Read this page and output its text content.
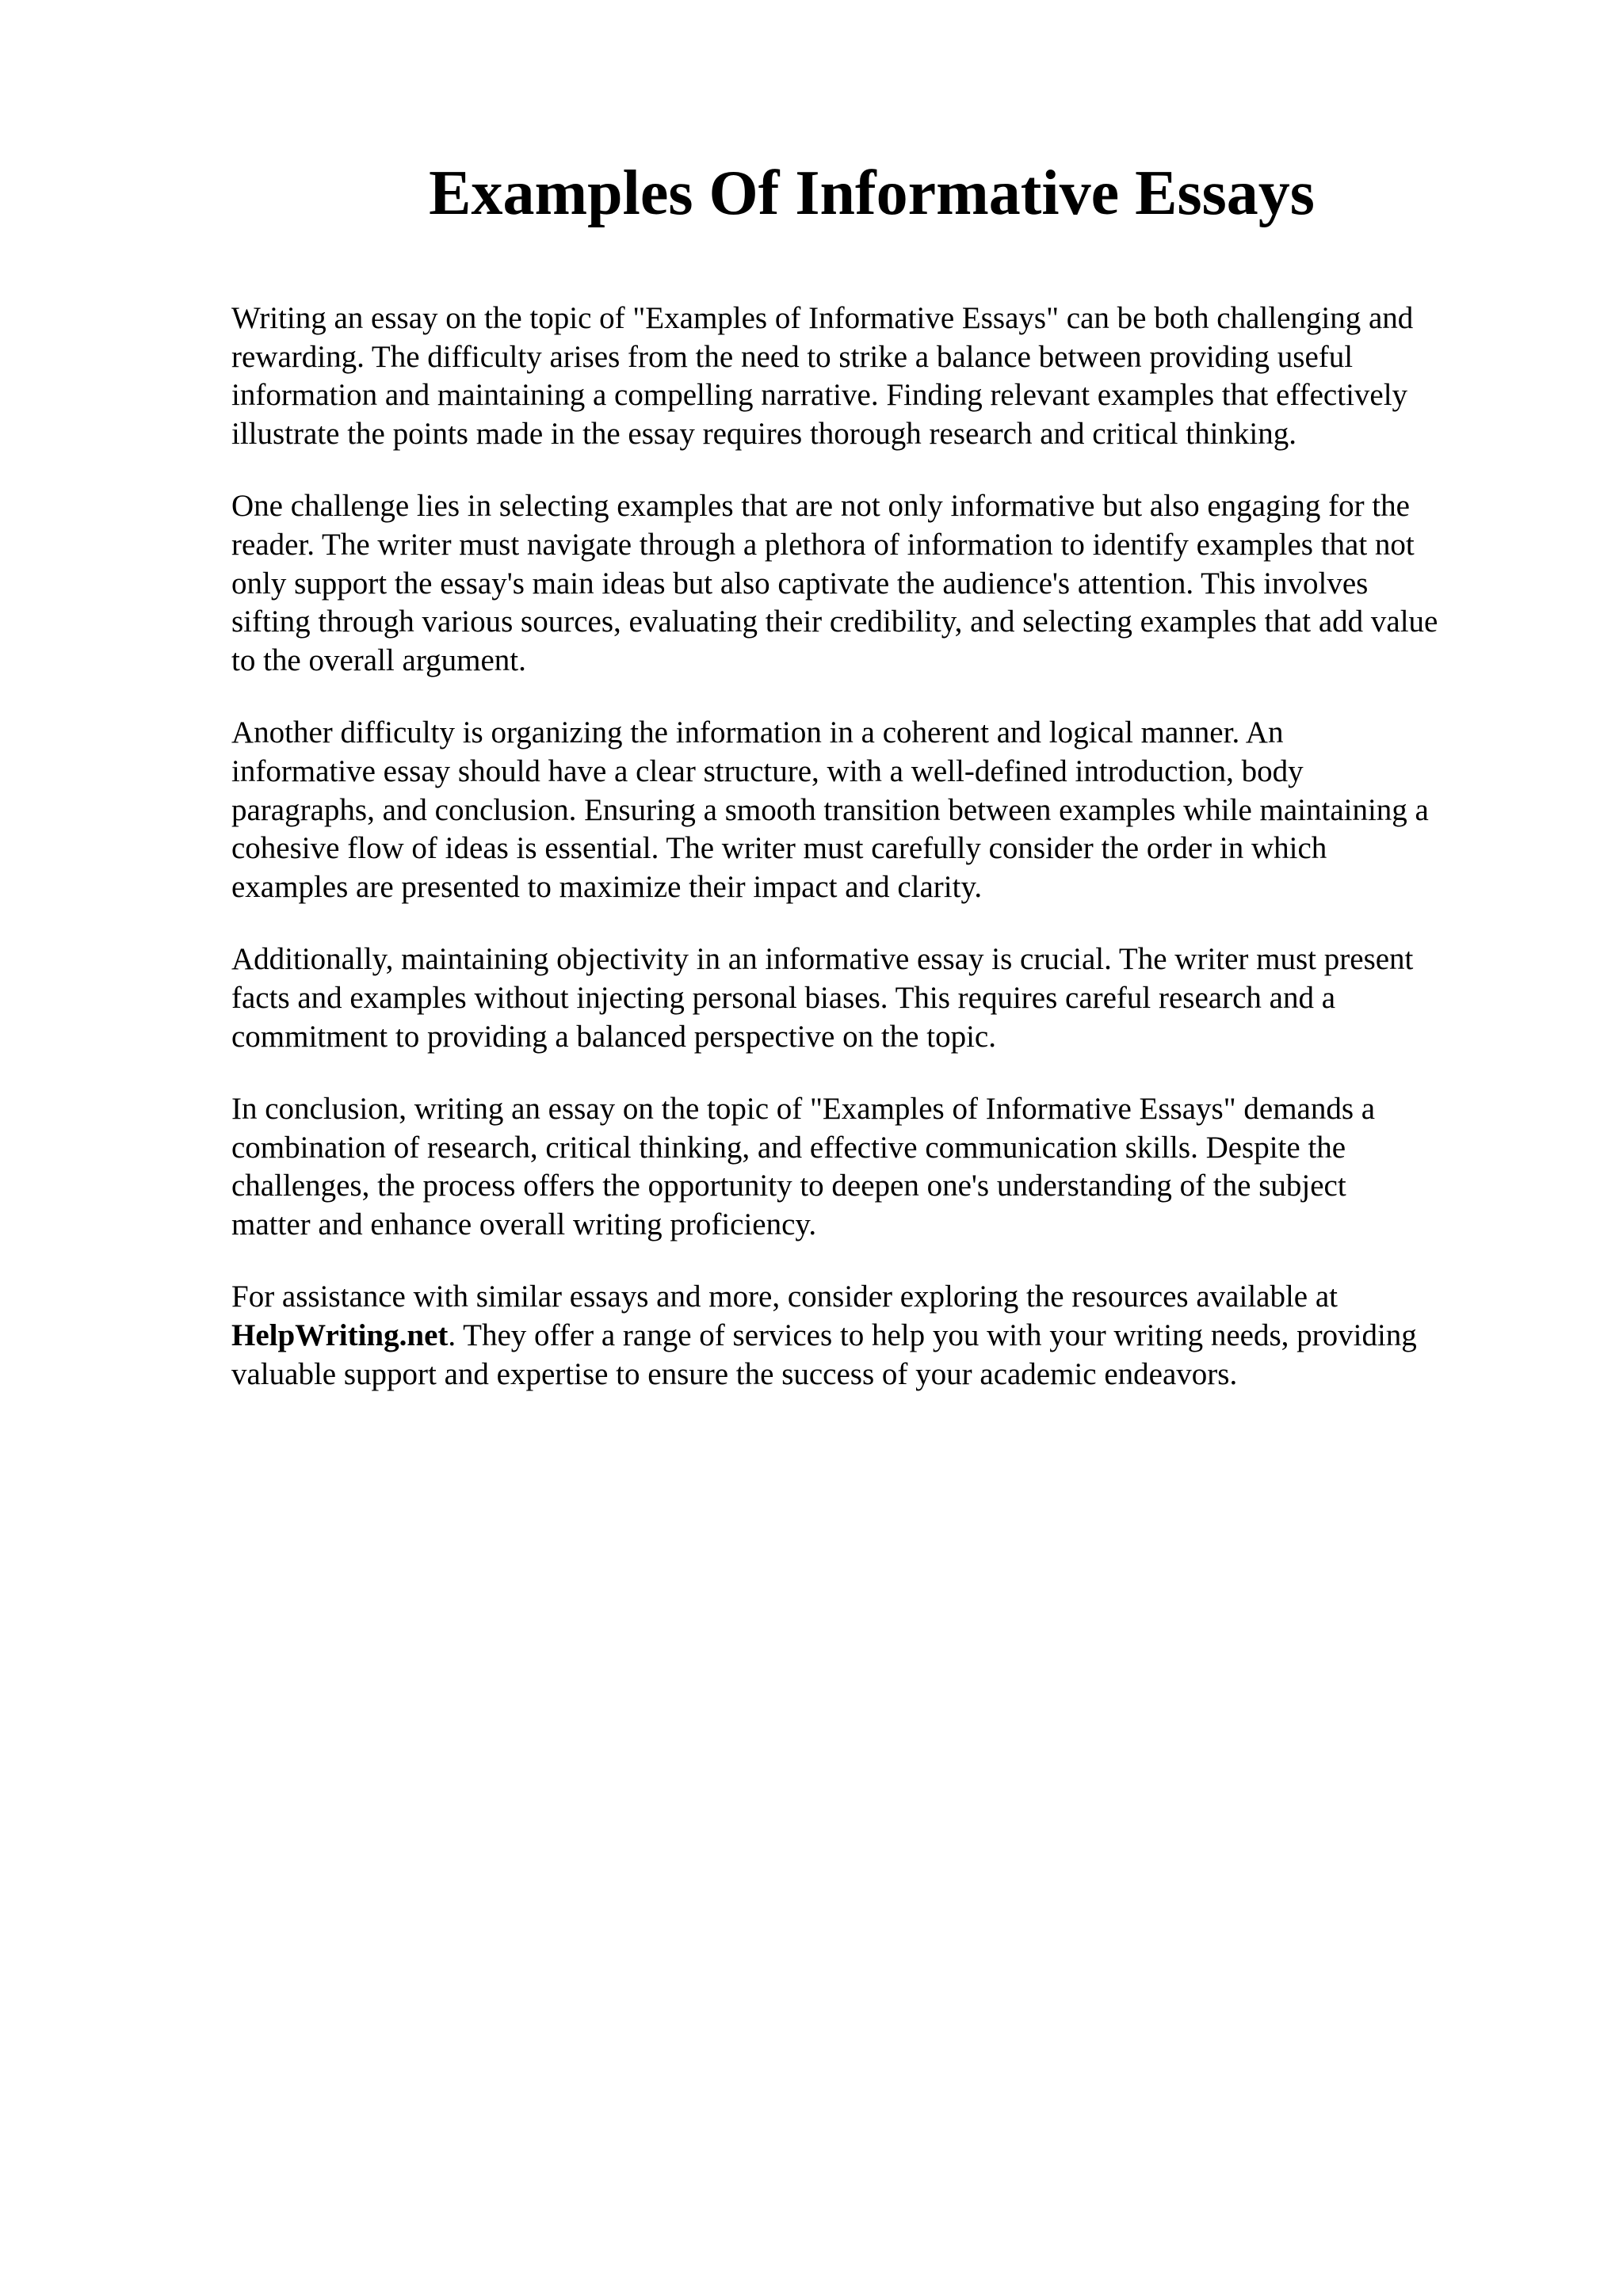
Examples Of Informative Essays

Writing an essay on the topic of "Examples of Informative Essays" can be both challenging and
rewarding. The difficulty arises from the need to strike a balance between providing useful
information and maintaining a compelling narrative. Finding relevant examples that effectively
illustrate the points made in the essay requires thorough research and critical thinking.

One challenge lies in selecting examples that are not only informative but also engaging for the
reader. The writer must navigate through a plethora of information to identify examples that not
only support the essay's main ideas but also captivate the audience's attention. This involves
sifting through various sources, evaluating their credibility, and selecting examples that add value
to the overall argument.

Another difficulty is organizing the information in a coherent and logical manner. An
informative essay should have a clear structure, with a well-defined introduction, body
paragraphs, and conclusion. Ensuring a smooth transition between examples while maintaining a
cohesive flow of ideas is essential. The writer must carefully consider the order in which
examples are presented to maximize their impact and clarity.

Additionally, maintaining objectivity in an informative essay is crucial. The writer must present
facts and examples without injecting personal biases. This requires careful research and a
commitment to providing a balanced perspective on the topic.

In conclusion, writing an essay on the topic of "Examples of Informative Essays" demands a
combination of research, critical thinking, and effective communication skills. Despite the
challenges, the process offers the opportunity to deepen one's understanding of the subject
matter and enhance overall writing proficiency.

For assistance with similar essays and more, consider exploring the resources available at
HelpWriting.net. They offer a range of services to help you with your writing needs, providing
valuable support and expertise to ensure the success of your academic endeavors.
